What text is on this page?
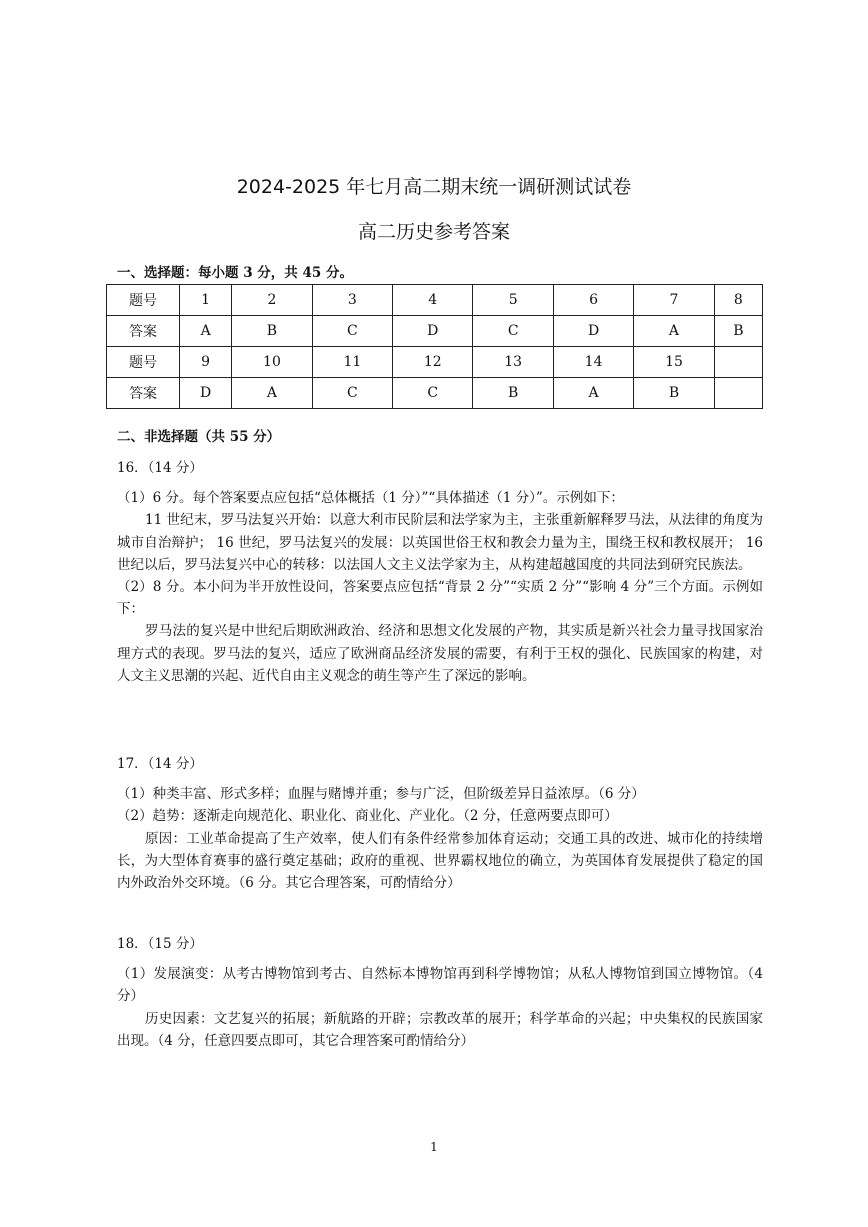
2024-2025 年七月高二期末统一调研测试试卷
高二历史参考答案
一、选择题：每小题 3 分，共 45 分。
题号	1	2	3	4	5	6	7	8
答案	A	B	C	D	C	D	A	B
题号	9	10	11	12	13	14	15	
答案	D	A	C	C	B	A	B	
二、非选择题（共 55 分）

16．（14 分）

（1）6 分。每个答案要点应包括“总体概括（1 分）”“具体描述（1 分）”。示例如下：

11 世纪末，罗马法复兴开始：以意大利市民阶层和法学家为主，主张重新解释罗马法，从法律的角度为城市自治辩护； 16 世纪，罗马法复兴的发展：以英国世俗王权和教会力量为主，围绕王权和教权展开； 16 世纪以后，罗马法复兴中心的转移：以法国人文主义法学家为主，从构建超越国度的共同法到研究民族法。

（2）8 分。本小问为半开放性设问，答案要点应包括“背景 2 分”“实质 2 分”“影响 4 分”三个方面。示例如下：

罗马法的复兴是中世纪后期欧洲政治、经济和思想文化发展的产物，其实质是新兴社会力量寻找国家治理方式的表现。罗马法的复兴，适应了欧洲商品经济发展的需要，有利于王权的强化、民族国家的构建，对人文主义思潮的兴起、近代自由主义观念的萌生等产生了深远的影响。

17．（14 分）

（1）种类丰富、形式多样；血腥与赌博并重；参与广泛，但阶级差异日益浓厚。（6 分）

（2）趋势：逐渐走向规范化、职业化、商业化、产业化。（2 分，任意两要点即可）

原因：工业革命提高了生产效率，使人们有条件经常参加体育运动；交通工具的改进、城市化的持续增长，为大型体育赛事的盛行奠定基础；政府的重视、世界霸权地位的确立，为英国体育发展提供了稳定的国内外政治外交环境。（6 分。其它合理答案，可酌情给分）

18．（15 分）

（1）发展演变：从考古博物馆到考古、自然标本博物馆再到科学博物馆；从私人博物馆到国立博物馆。（4 分）

历史因素：文艺复兴的拓展；新航路的开辟；宗教改革的展开；科学革命的兴起；中央集权的民族国家出现。（4 分，任意四要点即可，其它合理答案可酌情给分）

1
